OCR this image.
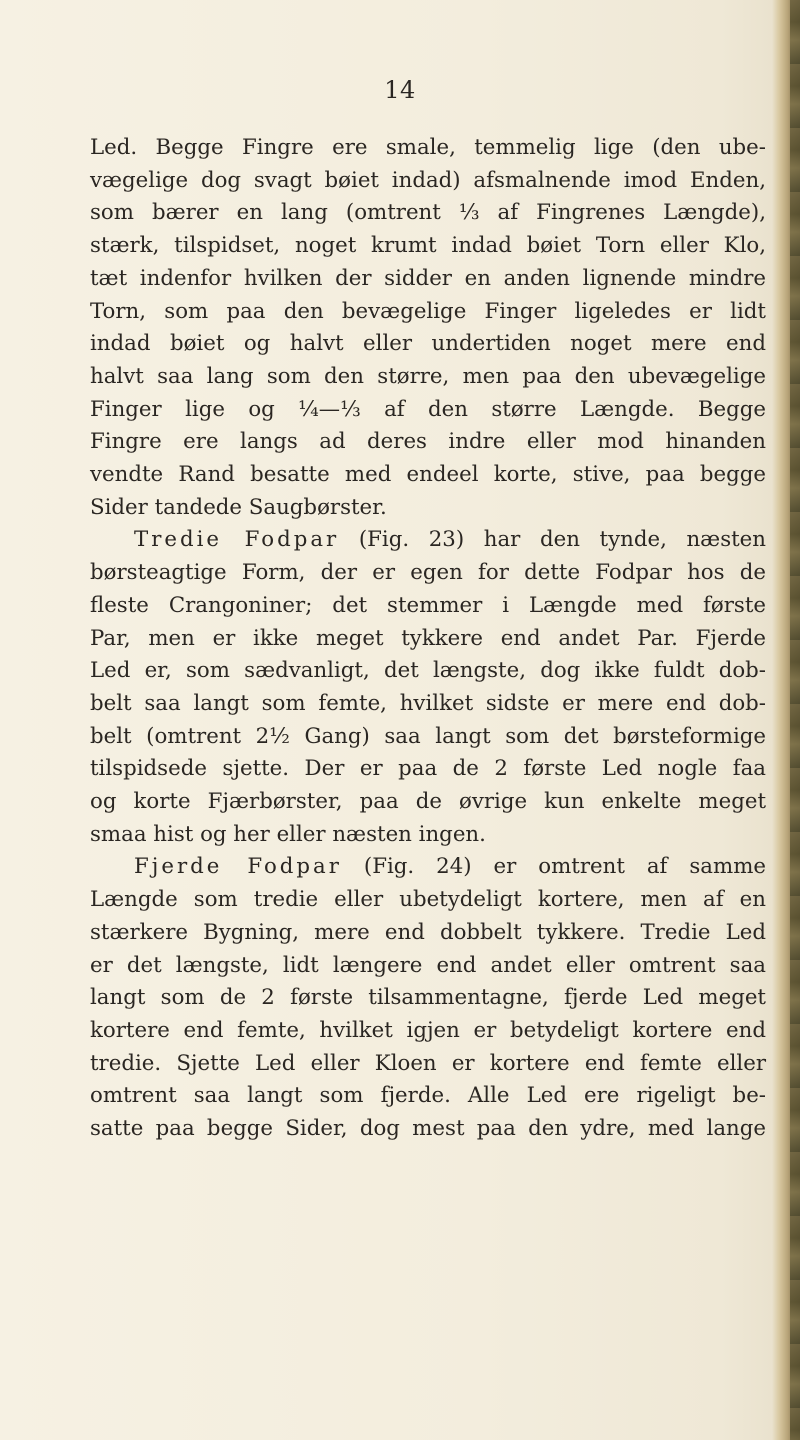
14
Led. Begge Fingre ere smale, temmelig lige (den ube-
vægelige dog svagt bøiet indad) afsmalnende imod Enden,
som bærer en lang (omtrent ⅓ af Fingrenes Længde),
stærk, tilspidset, noget krumt indad bøiet Torn eller Klo,
tæt indenfor hvilken der sidder en anden lignende mindre
Torn, som paa den bevægelige Finger ligeledes er lidt
indad bøiet og halvt eller undertiden noget mere end
halvt saa lang som den større, men paa den ubevægelige
Finger lige og ¼—⅓ af den større Længde. Begge
Fingre ere langs ad deres indre eller mod hinanden
vendte Rand besatte med endeel korte, stive, paa begge
Sider tandede Saugbørster.
Tredie Fodpar (Fig. 23) har den tynde, næsten
børsteagtige Form, der er egen for dette Fodpar hos de
fleste Crangoniner; det stemmer i Længde med første
Par, men er ikke meget tykkere end andet Par. Fjerde
Led er, som sædvanligt, det længste, dog ikke fuldt dob-
belt saa langt som femte, hvilket sidste er mere end dob-
belt (omtrent 2½ Gang) saa langt som det børsteformige
tilspidsede sjette. Der er paa de 2 første Led nogle faa
og korte Fjærbørster, paa de øvrige kun enkelte meget
smaa hist og her eller næsten ingen.
Fjerde Fodpar (Fig. 24) er omtrent af samme
Længde som tredie eller ubetydeligt kortere, men af en
stærkere Bygning, mere end dobbelt tykkere. Tredie Led
er det længste, lidt længere end andet eller omtrent saa
langt som de 2 første tilsammentagne, fjerde Led meget
kortere end femte, hvilket igjen er betydeligt kortere end
tredie. Sjette Led eller Kloen er kortere end femte eller
omtrent saa langt som fjerde. Alle Led ere rigeligt be-
satte paa begge Sider, dog mest paa den ydre, med lange
